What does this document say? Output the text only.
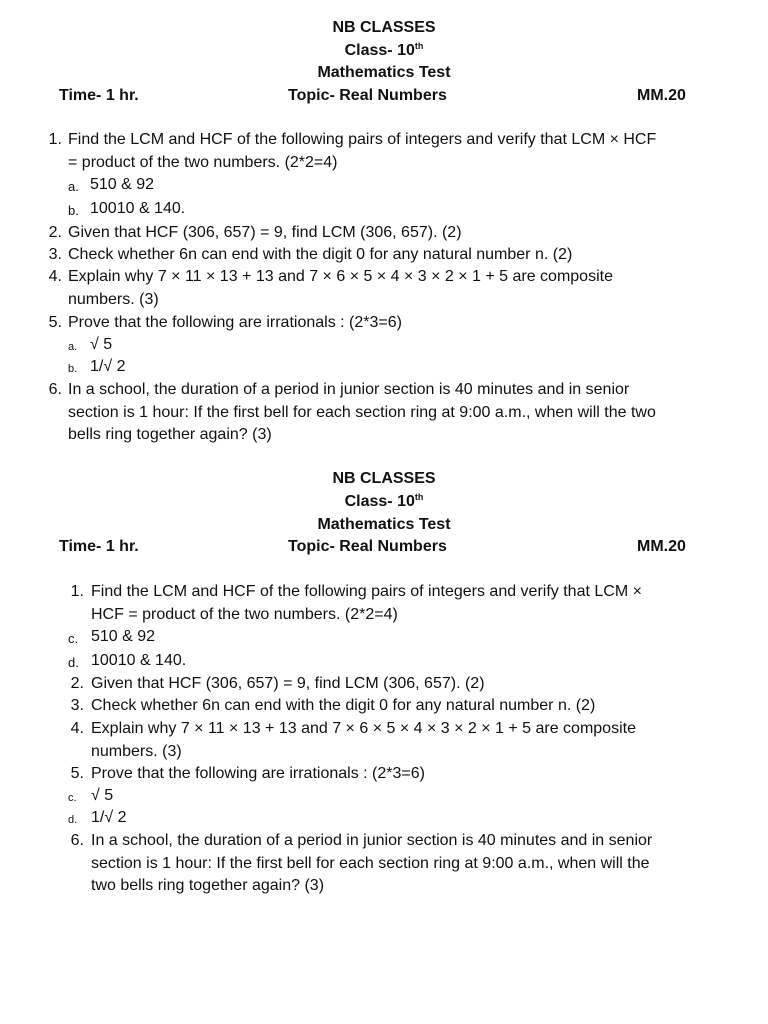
NB CLASSES
Class- 10th
Mathematics Test
Time- 1 hr.	Topic- Real Numbers	MM.20
1. Find the LCM and HCF of the following pairs of integers and verify that LCM × HCF
= product of the two numbers. (2*2=4)
a. 510 & 92
b. 10010 & 140.
2. Given that HCF (306, 657) = 9, find LCM (306, 657). (2)
3. Check whether 6n can end with the digit 0 for any natural number n. (2)
4. Explain why 7 × 11 × 13 + 13 and 7 × 6 × 5 × 4 × 3 × 2 × 1 + 5 are composite
numbers. (3)
5. Prove that the following are irrationals : (2*3=6)
a. √ 5
b. 1/√ 2
6. In a school, the duration of a period in junior section is 40 minutes and in senior
section is 1 hour: If the first bell for each section ring at 9:00 a.m., when will the two
bells ring together again? (3)
NB CLASSES
Class- 10th
Mathematics Test
Time- 1 hr.	Topic- Real Numbers	MM.20
1. Find the LCM and HCF of the following pairs of integers and verify that LCM ×
HCF = product of the two numbers. (2*2=4)
c. 510 & 92
d. 10010 & 140.
2. Given that HCF (306, 657) = 9, find LCM (306, 657). (2)
3. Check whether 6n can end with the digit 0 for any natural number n. (2)
4. Explain why 7 × 11 × 13 + 13 and 7 × 6 × 5 × 4 × 3 × 2 × 1 + 5 are composite
numbers. (3)
5. Prove that the following are irrationals : (2*3=6)
c. √ 5
d. 1/√ 2
6. In a school, the duration of a period in junior section is 40 minutes and in senior
section is 1 hour: If the first bell for each section ring at 9:00 a.m., when will the
two bells ring together again? (3)
